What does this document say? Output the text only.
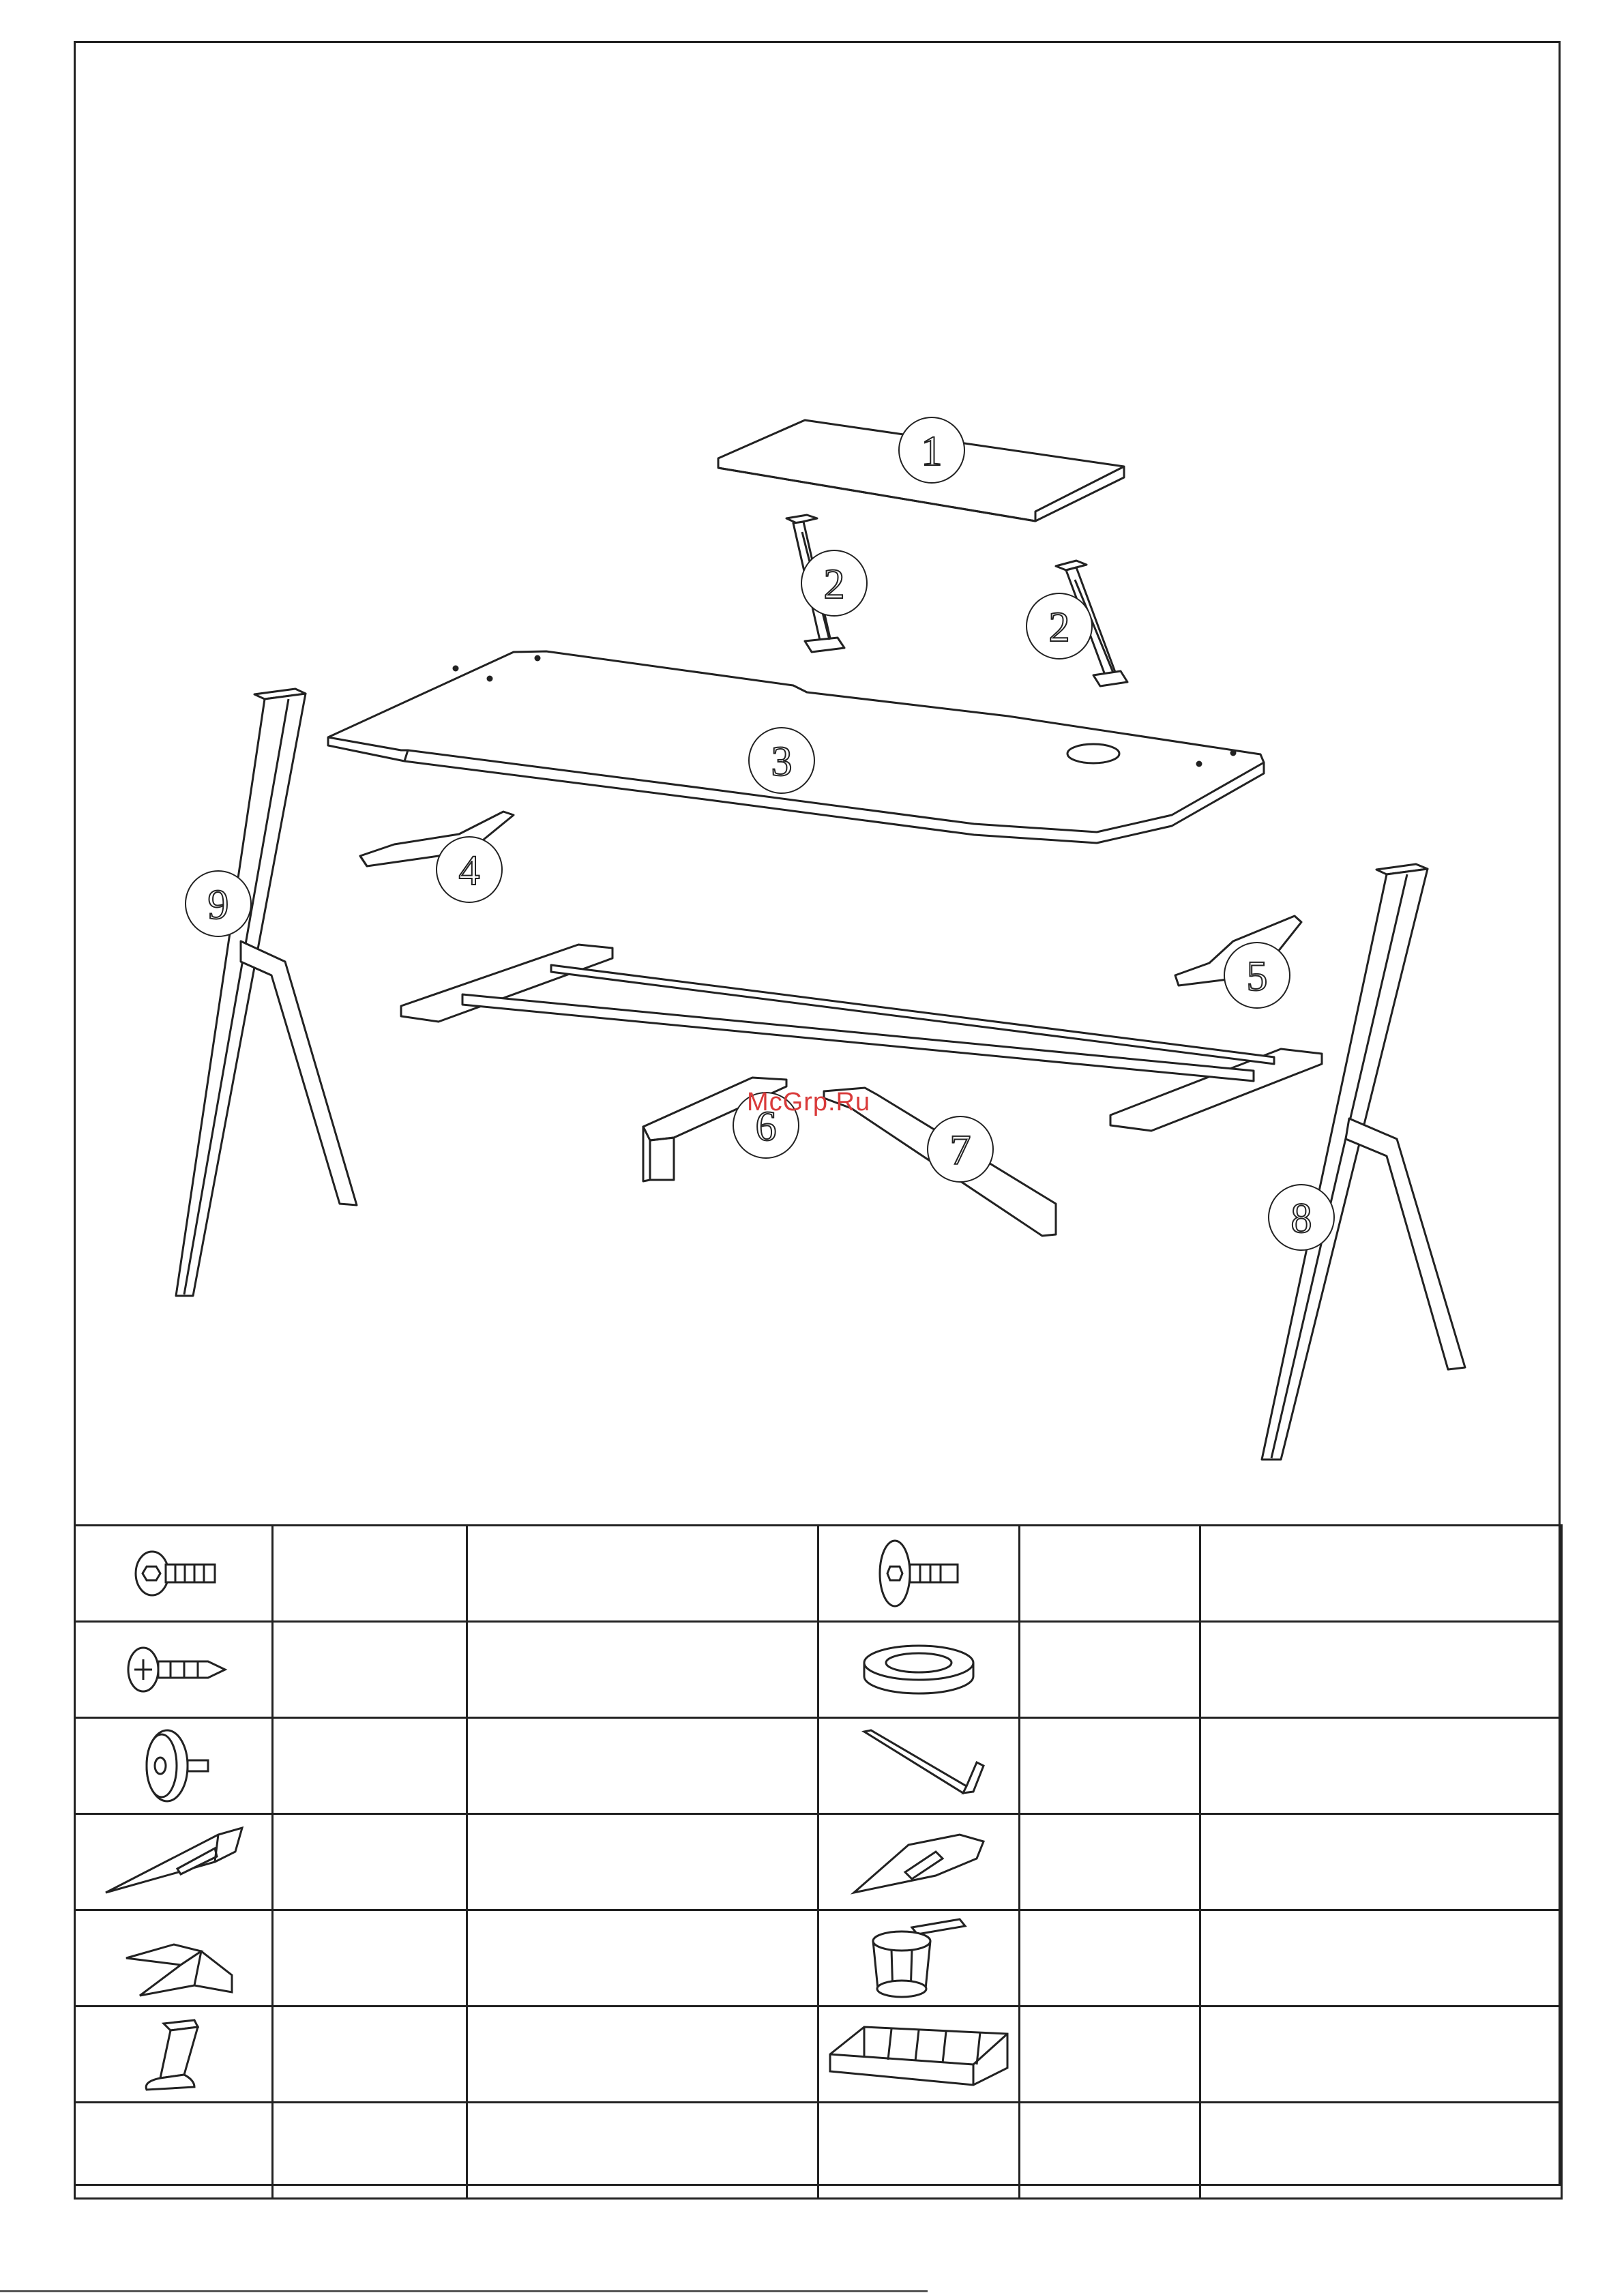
1
2
2
3
4
5
6
7
8
9
McGrp.Ru
